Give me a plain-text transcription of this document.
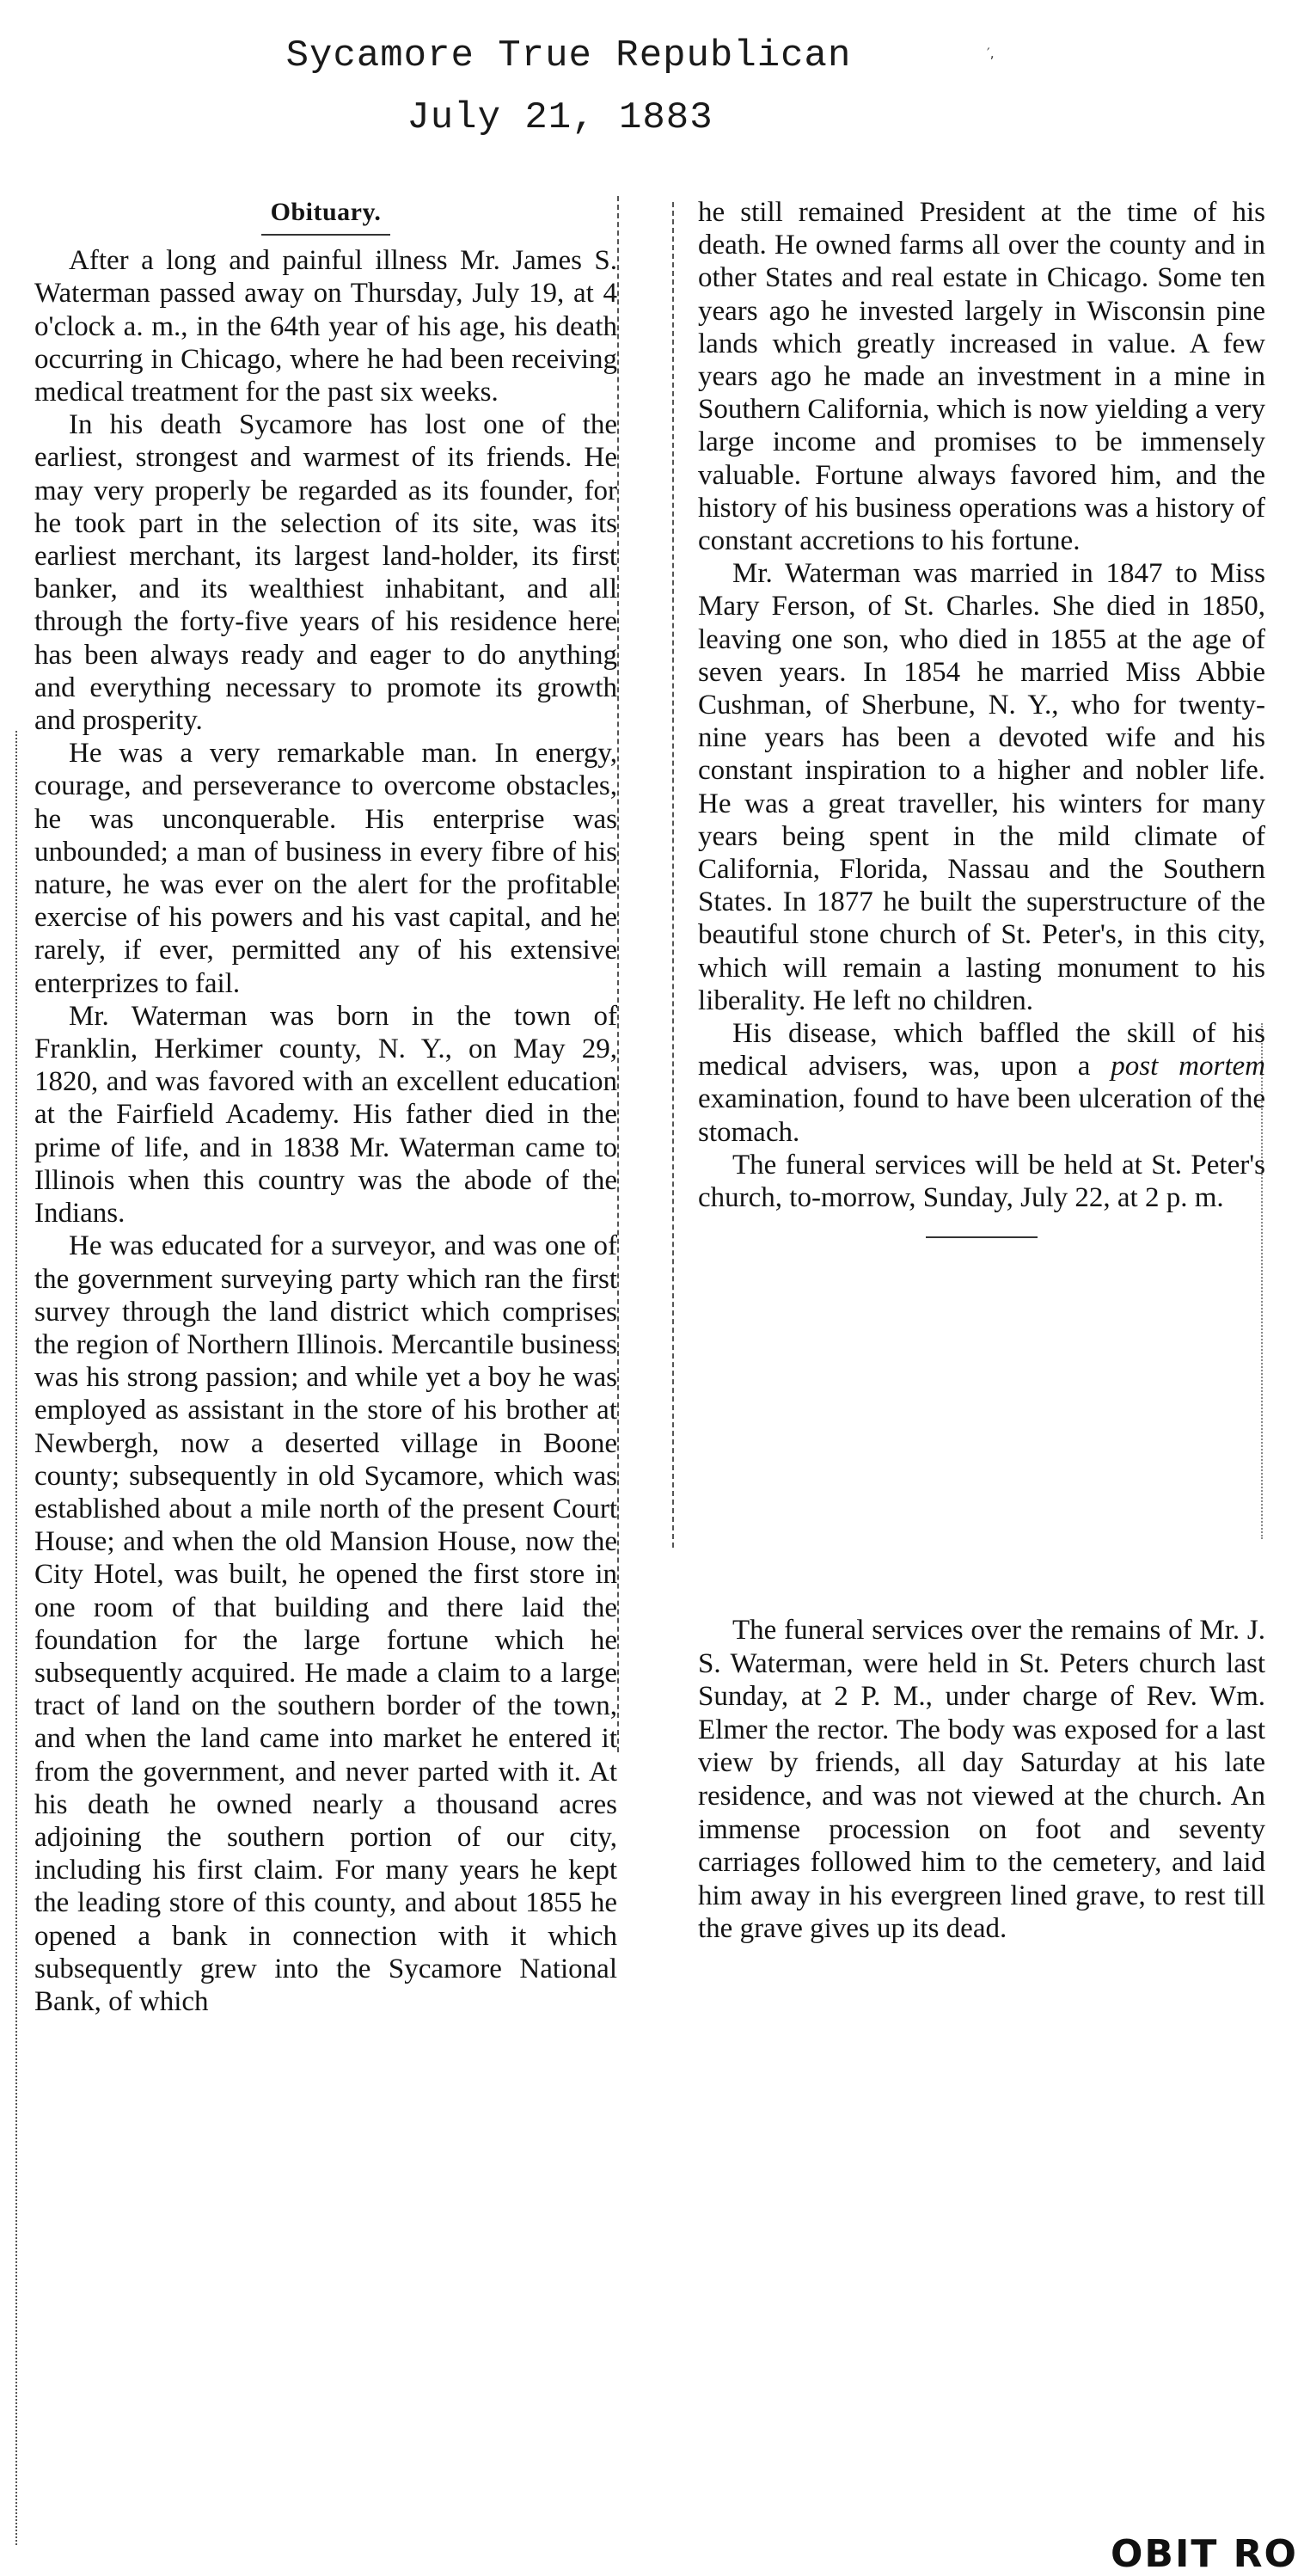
Sycamore True Republican
July 21, 1883
′,
Obituary.

After a long and painful illness Mr. James S. Waterman passed away on Thursday, July 19, at 4 o'clock a. m., in the 64th year of his age, his death occurring in Chicago, where he had been receiving medical treatment for the past six weeks.

In his death Sycamore has lost one of the earliest, strongest and warmest of its friends. He may very properly be regarded as its founder, for he took part in the selection of its site, was its earliest merchant, its largest land-holder, its first banker, and its wealthiest inhabitant, and all through the forty-five years of his residence here has been always ready and eager to do anything and everything necessary to promote its growth and prosperity.

He was a very remarkable man. In energy, courage, and perseverance to overcome obstacles, he was unconquerable. His enterprise was unbounded; a man of business in every fibre of his nature, he was ever on the alert for the profitable exercise of his powers and his vast capital, and he rarely, if ever, permitted any of his extensive enterprizes to fail.

Mr. Waterman was born in the town of Franklin, Herkimer county, N. Y., on May 29, 1820, and was favored with an excellent education at the Fairfield Academy. His father died in the prime of life, and in 1838 Mr. Waterman came to Illinois when this country was the abode of the Indians.

He was educated for a surveyor, and was one of the government surveying party which ran the first survey through the land district which comprises the region of Northern Illinois. Mercantile business was his strong passion; and while yet a boy he was employed as assistant in the store of his brother at Newbergh, now a deserted village in Boone county; subsequently in old Sycamore, which was established about a mile north of the present Court House; and when the old Mansion House, now the City Hotel, was built, he opened the first store in one room of that building and there laid the foundation for the large fortune which he subsequently acquired. He made a claim to a large tract of land on the southern border of the town, and when the land came into market he entered it from the government, and never parted with it. At his death he owned nearly a thousand acres adjoining the southern portion of our city, including his first claim. For many years he kept the leading store of this county, and about 1855 he opened a bank in connection with it which subsequently grew into the Sycamore National Bank, of which

he still remained President at the time of his death. He owned farms all over the county and in other States and real estate in Chicago. Some ten years ago he invested largely in Wisconsin pine lands which greatly increased in value. A few years ago he made an investment in a mine in Southern California, which is now yielding a very large income and promises to be immensely valuable. Fortune always favored him, and the history of his business operations was a history of constant accretions to his fortune.

Mr. Waterman was married in 1847 to Miss Mary Ferson, of St. Charles. She died in 1850, leaving one son, who died in 1855 at the age of seven years. In 1854 he married Miss Abbie Cushman, of Sherbune, N. Y., who for twenty-nine years has been a devoted wife and his constant inspiration to a higher and nobler life. He was a great traveller, his winters for many years being spent in the mild climate of California, Florida, Nassau and the Southern States. In 1877 he built the superstructure of the beautiful stone church of St. Peter's, in this city, which will remain a lasting monument to his liberality. He left no children.

His disease, which baffled the skill of his medical advisers, was, upon a post mortem examination, found to have been ulceration of the stomach.

The funeral services will be held at St. Peter's church, to-morrow, Sunday, July 22, at 2 p. m.

The funeral services over the remains of Mr. J. S. Waterman, were held in St. Peters church last Sunday, at 2 P. M., under charge of Rev. Wm. Elmer the rector. The body was exposed for a last view by friends, all day Saturday at his late residence, and was not viewed at the church. An immense procession on foot and seventy carriages followed him to the cemetery, and laid him away in his evergreen lined grave, to rest till the grave gives up its dead.

OBIT RO
